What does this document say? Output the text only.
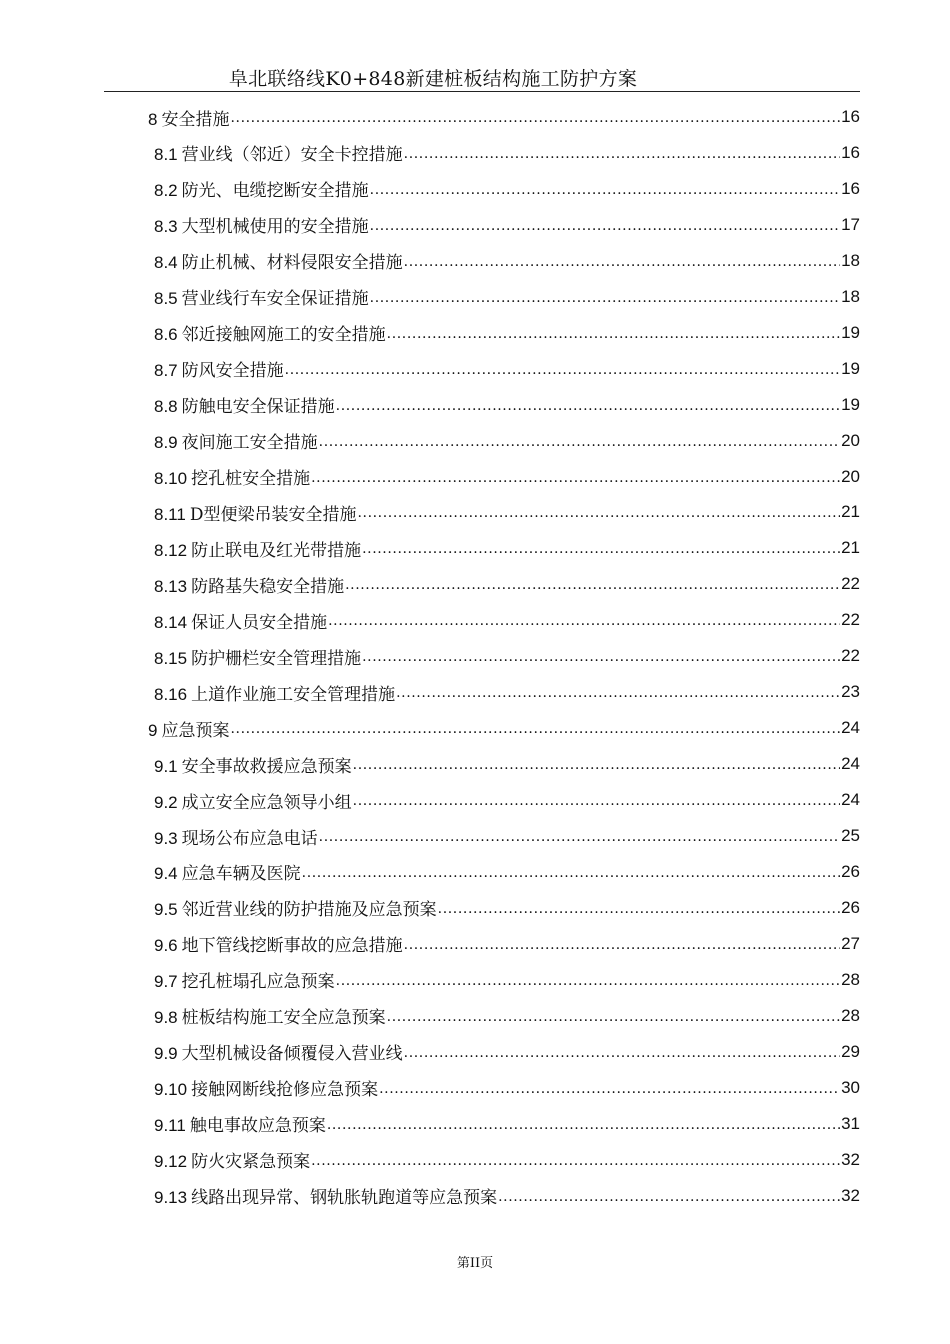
阜北联络线K0+848新建桩板结构施工防护方案
8 安全措施 .....	16
8.1 营业线（邻近）安全卡控措施 .....	16
8.2 防光、电缆挖断安全措施 .....	16
8.3 大型机械使用的安全措施 .....	17
8.4 防止机械、材料侵限安全措施 .....	18
8.5 营业线行车安全保证措施 .....	18
8.6 邻近接触网施工的安全措施 .....	19
8.7 防风安全措施 .....	19
8.8 防触电安全保证措施 .....	19
8.9 夜间施工安全措施 .....	20
8.10 挖孔桩安全措施 .....	20
8.11 D型便梁吊装安全措施 .....	21
8.12 防止联电及红光带措施 .....	21
8.13 防路基失稳安全措施 .....	22
8.14 保证人员安全措施 .....	22
8.15 防护栅栏安全管理措施 .....	22
8.16 上道作业施工安全管理措施 .....	23
9 应急预案 .....	24
9.1 安全事故救援应急预案 .....	24
9.2 成立安全应急领导小组 .....	24
9.3 现场公布应急电话 .....	25
9.4 应急车辆及医院 .....	26
9.5 邻近营业线的防护措施及应急预案 .....	26
9.6 地下管线挖断事故的应急措施 .....	27
9.7 挖孔桩塌孔应急预案 .....	28
9.8 桩板结构施工安全应急预案 .....	28
9.9 大型机械设备倾覆侵入营业线 .....	29
9.10 接触网断线抢修应急预案 .....	30
9.11 触电事故应急预案 .....	31
9.12 防火灾紧急预案 .....	32
9.13 线路出现异常、钢轨胀轨跑道等应急预案 .....	32
第II页
